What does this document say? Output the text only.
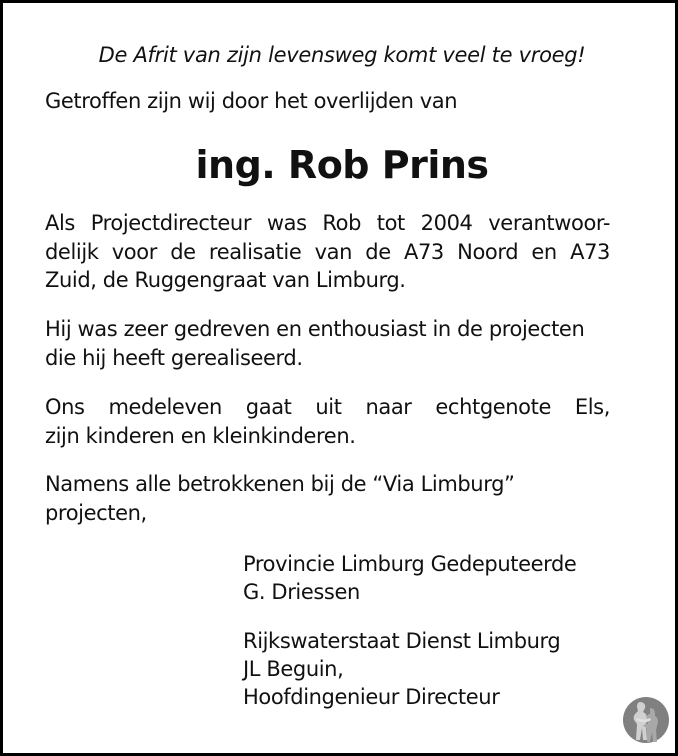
De Afrit van zijn levensweg komt veel te vroeg!
Getroffen zijn wij door het overlijden van
ing. Rob Prins

Als Projectdirecteur was Rob tot 2004 verantwoor-
delijk voor de realisatie van de A73 Noord en A73
Zuid, de Ruggengraat van Limburg.

Hij was zeer gedreven en enthousiast in de projecten
die hij heeft gerealiseerd.

Ons medeleven gaat uit naar echtgenote Els,
zijn kinderen en kleinkinderen.

Namens alle betrokkenen bij de “Via Limburg”
projecten,

Provincie Limburg Gedeputeerde
G. Driessen
Rijkswaterstaat Dienst Limburg
JL Beguin,
Hoofdingenieur Directeur
